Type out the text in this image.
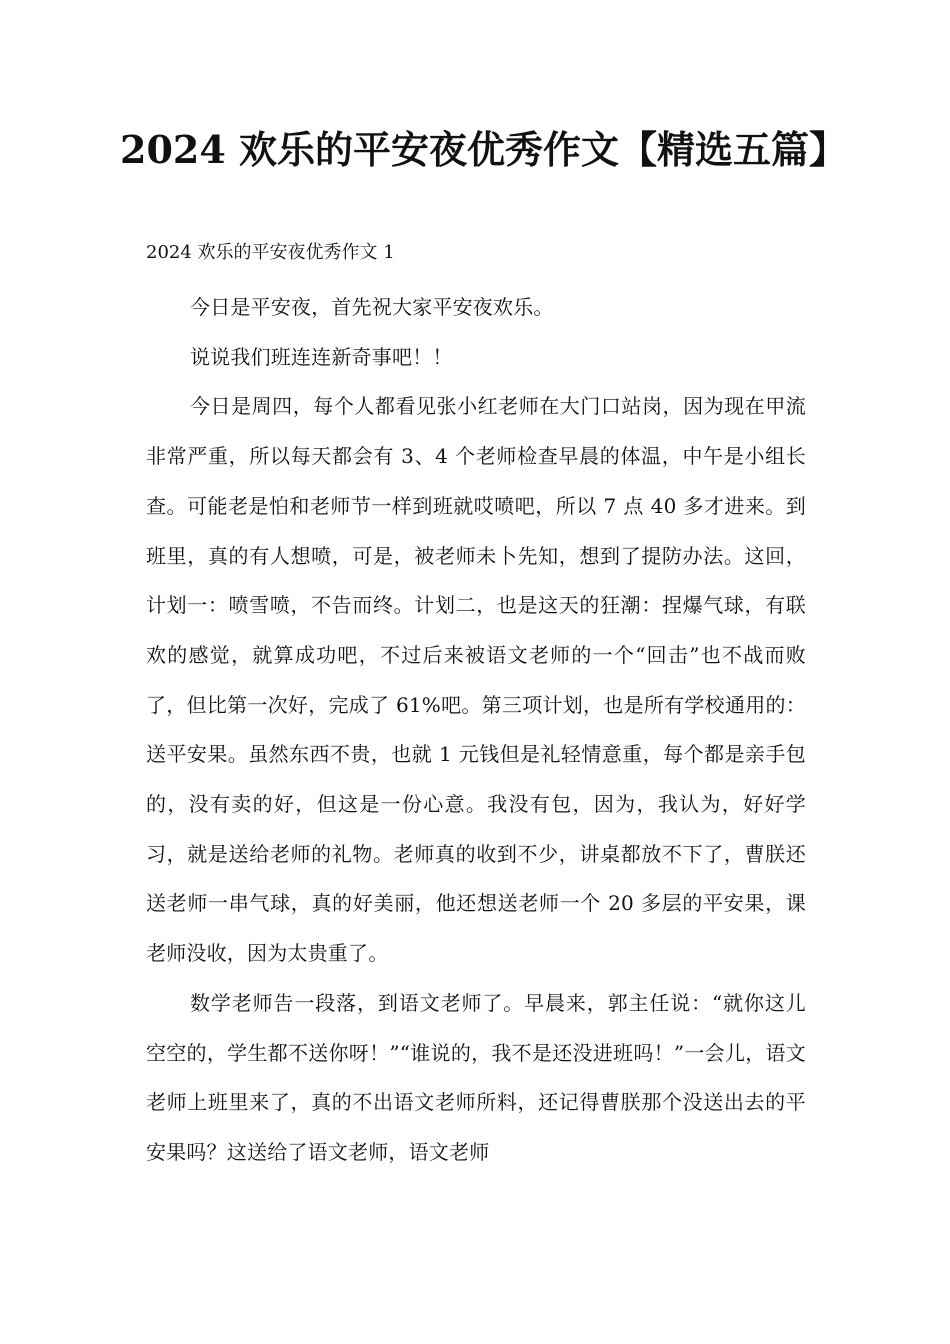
2024 欢乐的平安夜优秀作文【精选五篇】

2024 欢乐的平安夜优秀作文 1

今日是平安夜，首先祝大家平安夜欢乐。

说说我们班连连新奇事吧！！

今日是周四，每个人都看见张小红老师在大门口站岗，因为现在甲流非常严重，所以每天都会有 3、4 个老师检查早晨的体温，中午是小组长查。可能老是怕和老师节一样到班就哎喷吧，所以 7 点 40 多才进来。到班里，真的有人想喷，可是，被老师未卜先知，想到了提防办法。这回，计划一：喷雪喷，不告而终。计划二，也是这天的狂潮：捏爆气球，有联欢的感觉，就算成功吧，不过后来被语文老师的一个“回击”也不战而败了，但比第一次好，完成了 61%吧。第三项计划，也是所有学校通用的：送平安果。虽然东西不贵，也就 1 元钱但是礼轻情意重，每个都是亲手包的，没有卖的好，但这是一份心意。我没有包，因为，我认为，好好学习，就是送给老师的礼物。老师真的收到不少，讲桌都放不下了，曹朕还送老师一串气球，真的好美丽，他还想送老师一个 20 多层的平安果，课老师没收，因为太贵重了。

数学老师告一段落，到语文老师了。早晨来，郭主任说：“就你这儿空空的，学生都不送你呀！”“谁说的，我不是还没进班吗！”一会儿，语文老师上班里来了，真的不出语文老师所料，还记得曹朕那个没送出去的平安果吗？这送给了语文老师，语文老师
